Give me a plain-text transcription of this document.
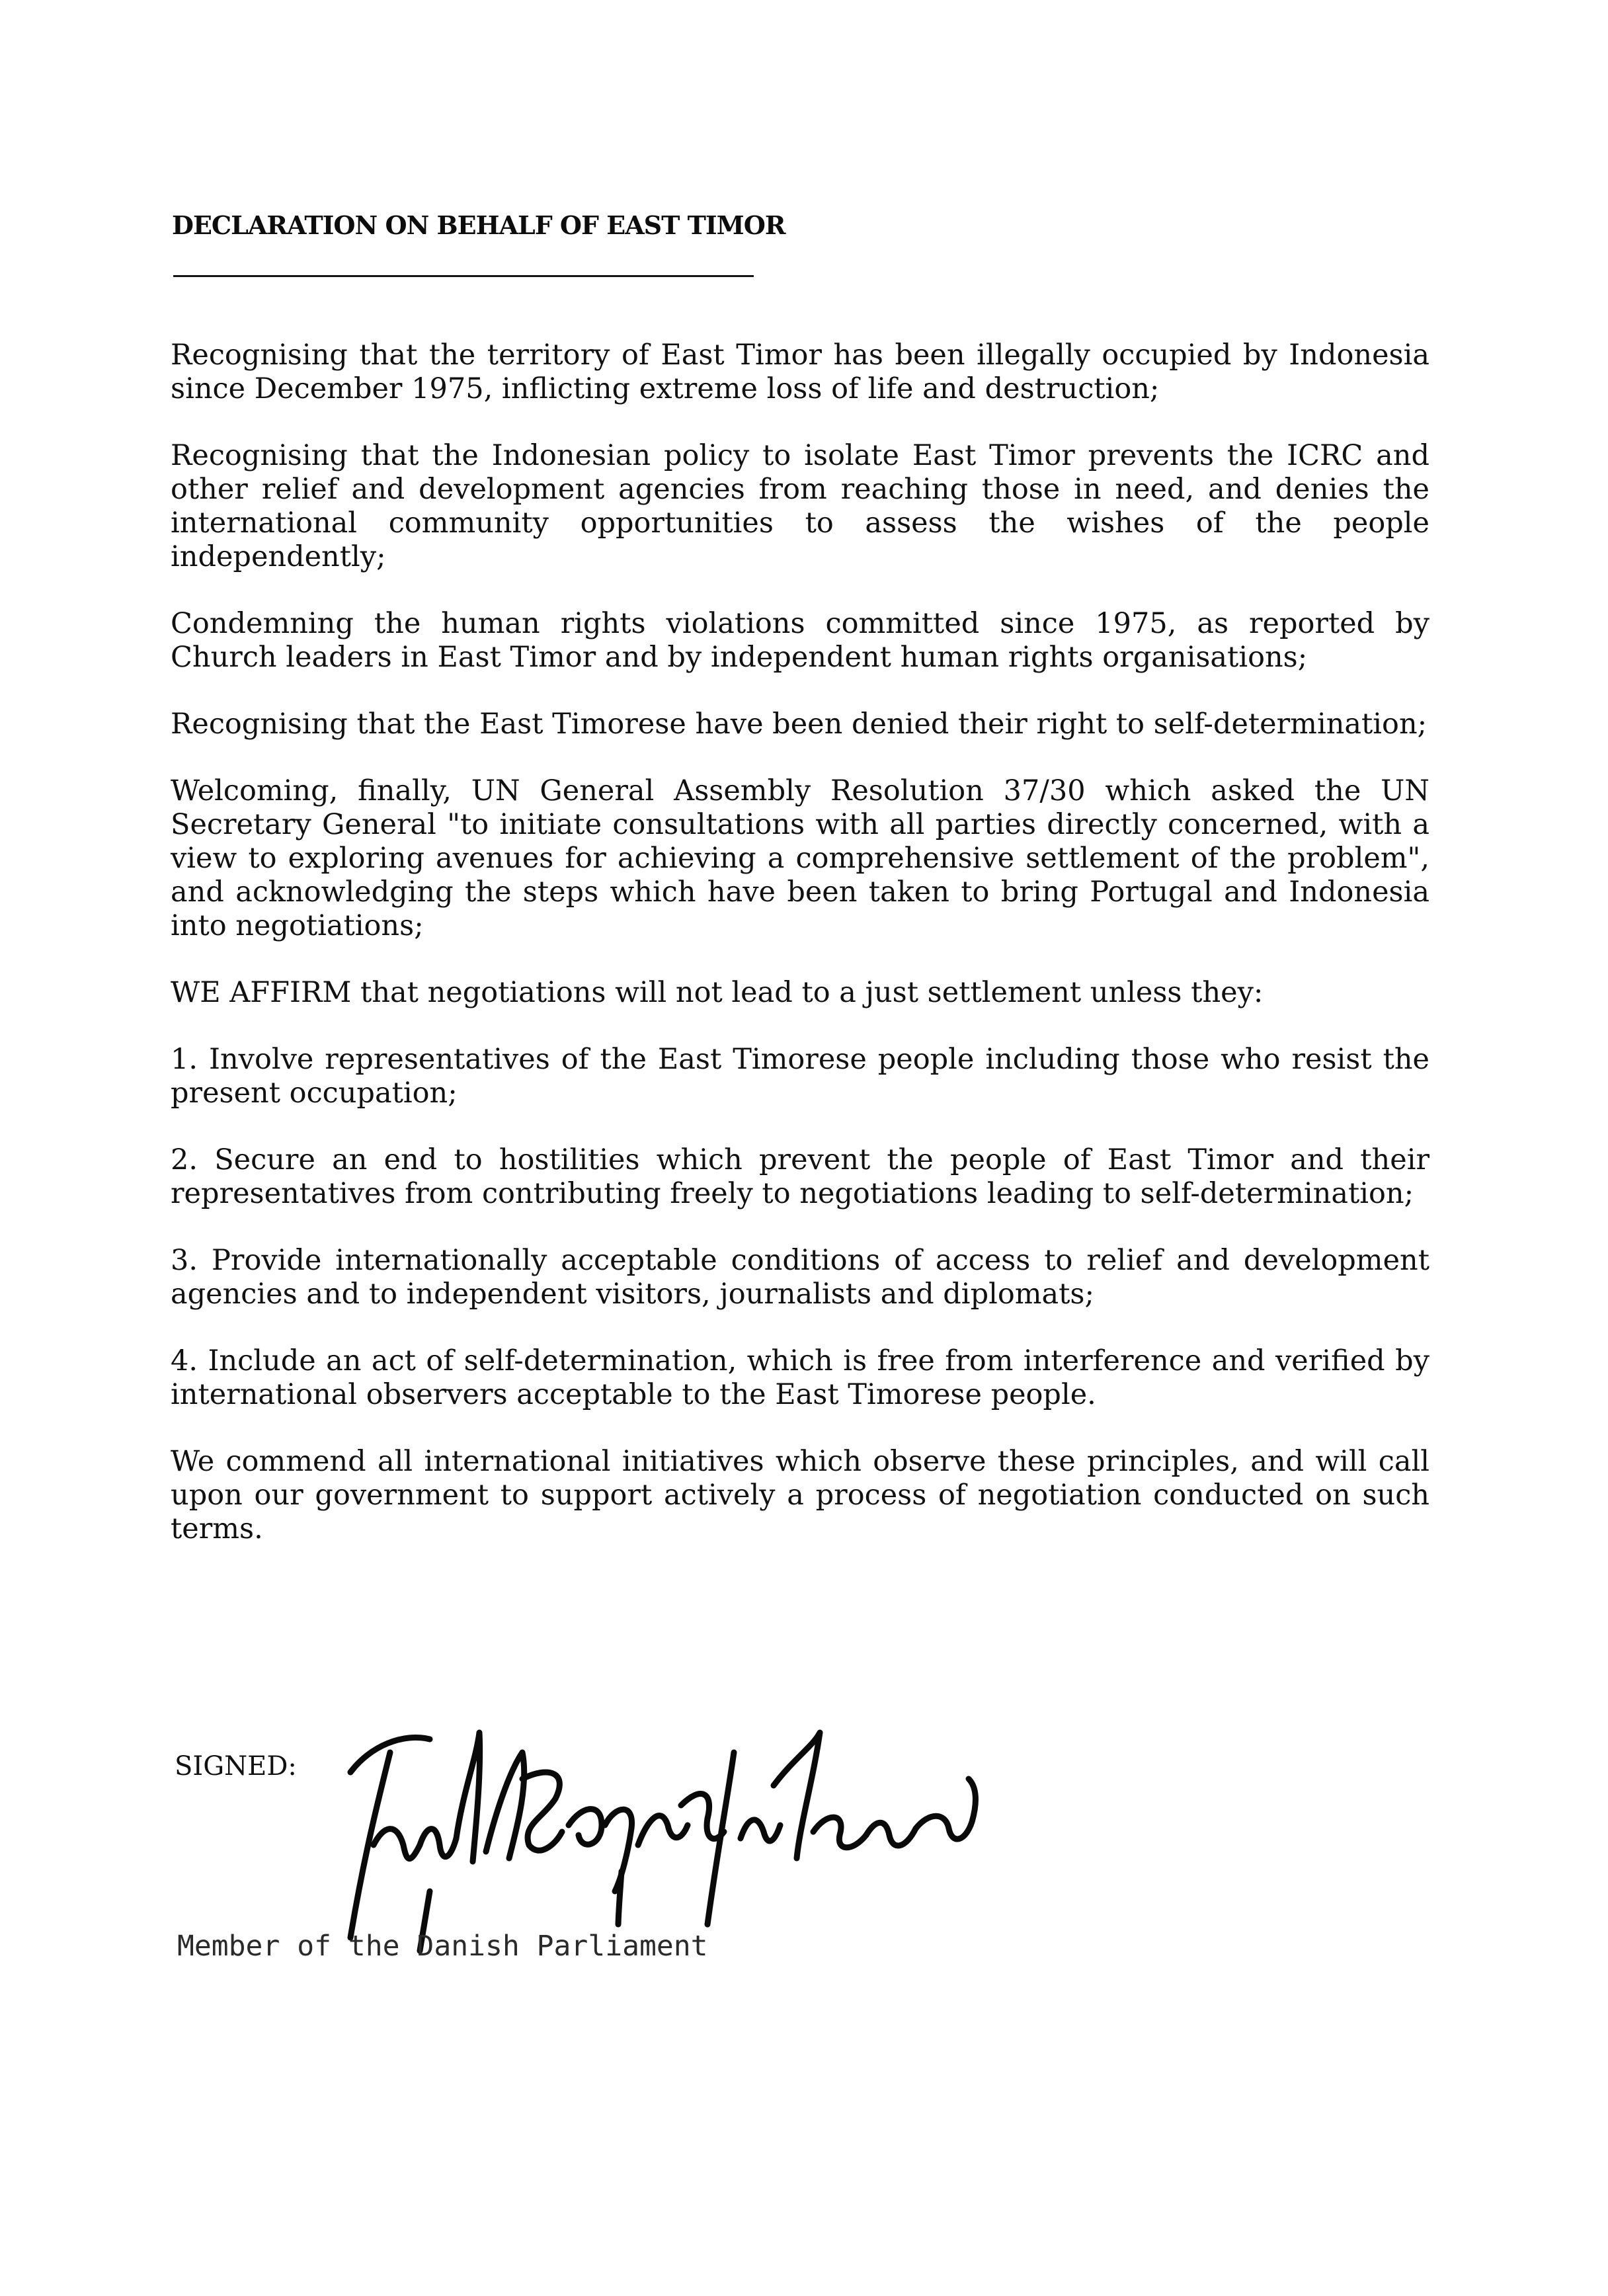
DECLARATION ON BEHALF OF EAST TIMOR

Recognising that the territory of East Timor has been illegally occupied by Indonesia since December 1975, inflicting extreme loss of life and destruction;

Recognising that the Indonesian policy to isolate East Timor prevents the ICRC and other relief and development agencies from reaching those in need, and denies the international community opportunities to assess the wishes of the people independently;

Condemning the human rights violations committed since 1975, as reported by Church leaders in East Timor and by independent human rights organisations;

Recognising that the East Timorese have been denied their right to self-determination;

Welcoming, finally, UN General Assembly Resolution 37/30 which asked the UN Secretary General "to initiate consultations with all parties directly concerned, with a view to exploring avenues for achieving a comprehensive settlement of the problem", and acknowledging the steps which have been taken to bring Portugal and Indonesia into negotiations;

WE AFFIRM that negotiations will not lead to a just settlement unless they:

1. Involve representatives of the East Timorese people including those who resist the present occupation;

2. Secure an end to hostilities which prevent the people of East Timor and their representatives from contributing freely to negotiations leading to self-determination;

3. Provide internationally acceptable conditions of access to relief and development agencies and to independent visitors, journalists and diplomats;

4. Include an act of self-determination, which is free from interference and verified by international observers acceptable to the East Timorese people.

We commend all international initiatives which observe these principles, and will call upon our government to support actively a process of negotiation conducted on such terms.

SIGNED:
Member of the Danish Parliament
